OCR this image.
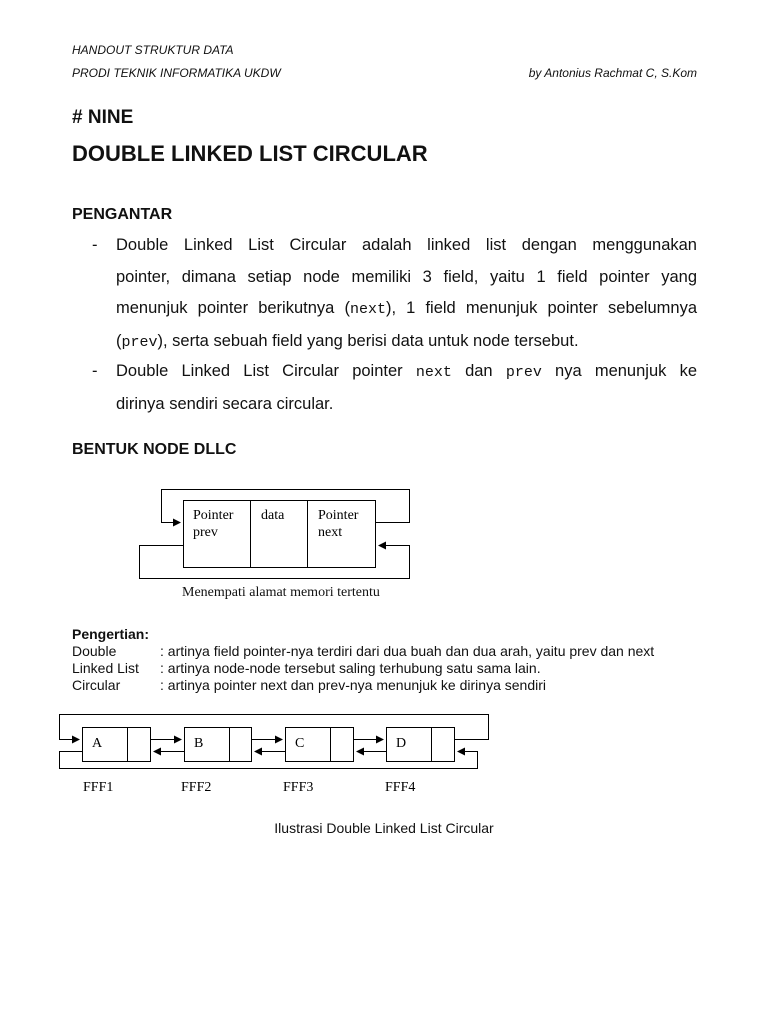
HANDOUT STRUKTUR DATA
PRODI TEKNIK INFORMATIKA UKDW	by Antonius Rachmat C, S.Kom
# NINE
DOUBLE LINKED LIST CIRCULAR
PENGANTAR
- Double Linked List Circular adalah linked list dengan menggunakan
pointer, dimana setiap node memiliki 3 field, yaitu 1 field pointer yang
menunjuk pointer berikutnya (next), 1 field menunjuk pointer sebelumnya
(prev), serta sebuah field yang berisi data untuk node tersebut.
- Double Linked List Circular pointer next dan prev nya menunjuk ke
dirinya sendiri secara circular.
BENTUK NODE DLLC
Pointer
prev
data Pointer
next
Menempati alamat memori tertentu
Pengertian:
Double	: artinya field pointer-nya terdiri dari dua buah dan dua arah, yaitu prev dan next
Linked List : artinya node-node tersebut saling terhubung satu sama lain.
Circular	: artinya pointer next dan prev-nya menunjuk ke dirinya sendiri
A	B	C	D
FFF1	FFF2	FFF3	FFF4
Ilustrasi Double Linked List Circular
